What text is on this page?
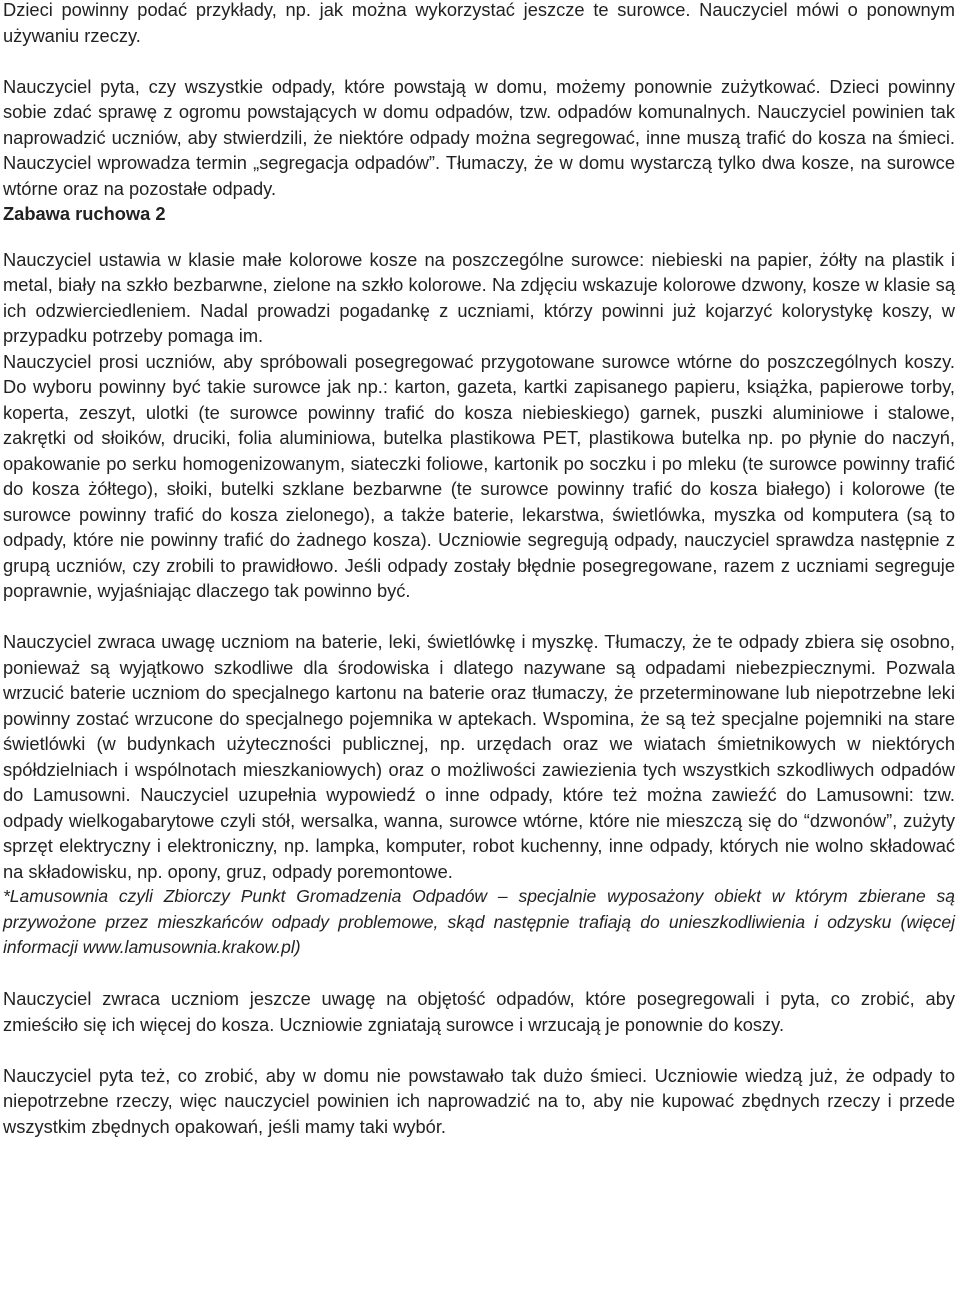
Dzieci powinny podać przykłady, np. jak można wykorzystać jeszcze te surowce. Nauczyciel mówi o ponownym używaniu rzeczy.

Nauczyciel pyta, czy wszystkie odpady, które powstają w domu, możemy ponownie zużytkować. Dzieci powinny sobie zdać sprawę z ogromu powstających w domu odpadów, tzw. odpadów komunalnych. Nauczyciel powinien tak naprowadzić uczniów, aby stwierdzili, że niektóre odpady można segregować, inne muszą trafić do kosza na śmieci. Nauczyciel wprowadza termin „segregacja odpadów”. Tłumaczy, że w domu wystarczą tylko dwa kosze, na surowce wtórne oraz na pozostałe odpady.

Zabawa ruchowa 2

Nauczyciel ustawia w klasie małe kolorowe kosze na poszczególne surowce: niebieski na papier, żółty na plastik i metal, biały na szkło bezbarwne, zielone na szkło kolorowe. Na zdjęciu wskazuje kolorowe dzwony, kosze w klasie są ich odzwierciedleniem. Nadal prowadzi pogadankę z uczniami, którzy powinni już kojarzyć kolorystykę koszy, w przypadku potrzeby pomaga im.

Nauczyciel prosi uczniów, aby spróbowali posegregować przygotowane surowce wtórne do poszczególnych koszy. Do wyboru powinny być takie surowce jak np.: karton, gazeta, kartki zapisanego papieru, książka, papierowe torby, koperta, zeszyt, ulotki (te surowce powinny trafić do kosza niebieskiego) garnek, puszki aluminiowe i stalowe, zakrętki od słoików, druciki, folia aluminiowa, butelka plastikowa PET, plastikowa butelka np. po płynie do naczyń, opakowanie po serku homogenizowanym, siateczki foliowe, kartonik po soczku i po mleku (te surowce powinny trafić do kosza żółtego), słoiki, butelki szklane bezbarwne (te surowce powinny trafić do kosza białego) i kolorowe (te surowce powinny trafić do kosza zielonego), a także baterie, lekarstwa, świetlówka, myszka od komputera (są to odpady, które nie powinny trafić do żadnego kosza). Uczniowie segregują odpady, nauczyciel sprawdza następnie z grupą uczniów, czy zrobili to prawidłowo. Jeśli odpady zostały błędnie posegregowane, razem z uczniami segreguje poprawnie, wyjaśniając dlaczego tak powinno być.

Nauczyciel zwraca uwagę uczniom na baterie, leki, świetlówkę i myszkę. Tłumaczy, że te odpady zbiera się osobno, ponieważ są wyjątkowo szkodliwe dla środowiska i dlatego nazywane są odpadami niebezpiecznymi. Pozwala wrzucić baterie uczniom do specjalnego kartonu na baterie oraz tłumaczy, że przeterminowane lub niepotrzebne leki powinny zostać wrzucone do specjalnego pojemnika w aptekach. Wspomina, że są też specjalne pojemniki na stare świetlówki (w budynkach użyteczności publicznej, np. urzędach oraz we wiatach śmietnikowych w niektórych spółdzielniach i wspólnotach mieszkaniowych) oraz o możliwości zawiezienia tych wszystkich szkodliwych odpadów do Lamusowni. Nauczyciel uzupełnia wypowiedź o inne odpady, które też można zawieźć do Lamusowni: tzw. odpady wielkogabarytowe czyli stół, wersalka, wanna, surowce wtórne, które nie mieszczą się do “dzwonów”, zużyty sprzęt elektryczny i elektroniczny, np. lampka, komputer, robot kuchenny, inne odpady, których nie wolno składować na składowisku, np. opony, gruz, odpady poremontowe.

*Lamusownia czyli Zbiorczy Punkt Gromadzenia Odpadów – specjalnie wyposażony obiekt w którym zbierane są przywożone przez mieszkańców odpady problemowe, skąd następnie trafiają do unieszkodliwienia i odzysku (więcej informacji www.lamusownia.krakow.pl)

Nauczyciel zwraca uczniom jeszcze uwagę na objętość odpadów, które posegregowali i pyta, co zrobić, aby zmieściło się ich więcej do kosza. Uczniowie zgniatają surowce i wrzucają je ponownie do koszy.

Nauczyciel pyta też, co zrobić, aby w domu nie powstawało tak dużo śmieci. Uczniowie wiedzą już, że odpady to niepotrzebne rzeczy, więc nauczyciel powinien ich naprowadzić na to, aby nie kupować zbędnych rzeczy i przede wszystkim zbędnych opakowań, jeśli mamy taki wybór.
